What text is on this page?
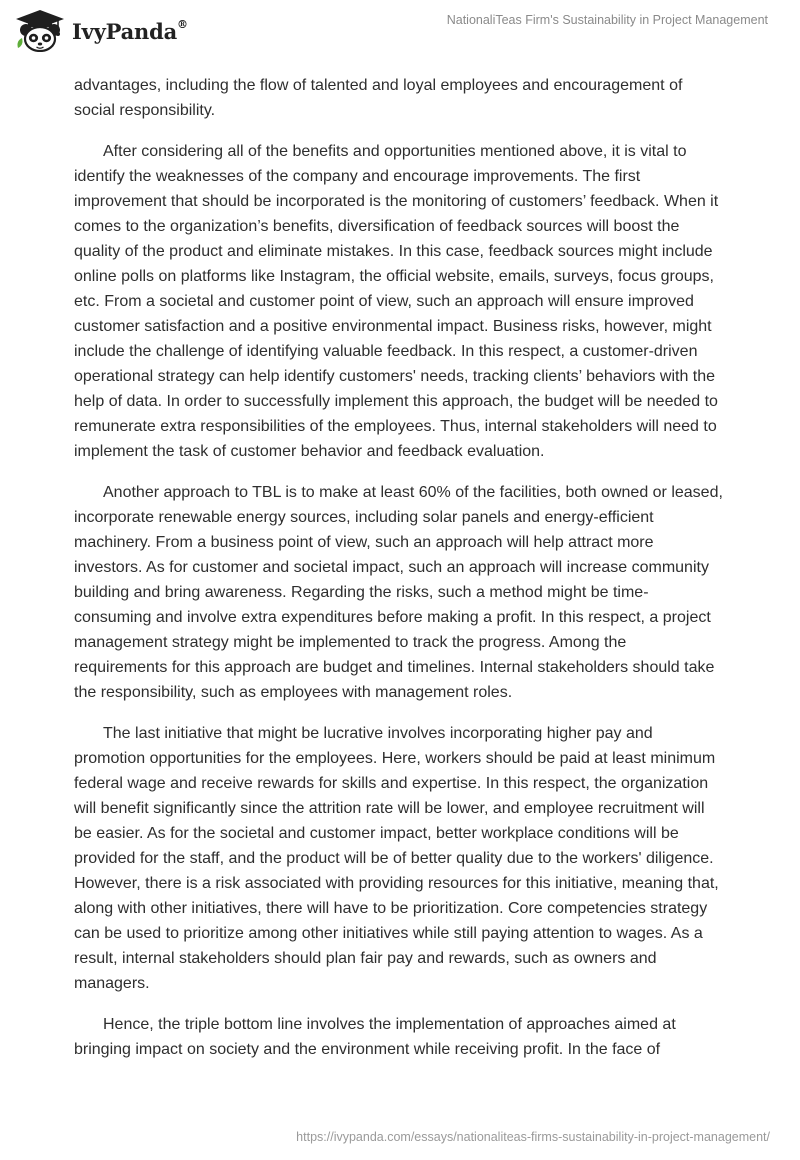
IvyPanda®	NationaliTeas Firm's Sustainability in Project Management

advantages, including the flow of talented and loyal employees and encouragement of social responsibility.

After considering all of the benefits and opportunities mentioned above, it is vital to identify the weaknesses of the company and encourage improvements. The first improvement that should be incorporated is the monitoring of customers’ feedback. When it comes to the organization’s benefits, diversification of feedback sources will boost the quality of the product and eliminate mistakes. In this case, feedback sources might include online polls on platforms like Instagram, the official website, emails, surveys, focus groups, etc. From a societal and customer point of view, such an approach will ensure improved customer satisfaction and a positive environmental impact. Business risks, however, might include the challenge of identifying valuable feedback. In this respect, a customer-driven operational strategy can help identify customers' needs, tracking clients’ behaviors with the help of data. In order to successfully implement this approach, the budget will be needed to remunerate extra responsibilities of the employees. Thus, internal stakeholders will need to implement the task of customer behavior and feedback evaluation.

Another approach to TBL is to make at least 60% of the facilities, both owned or leased, incorporate renewable energy sources, including solar panels and energy-efficient machinery. From a business point of view, such an approach will help attract more investors. As for customer and societal impact, such an approach will increase community building and bring awareness. Regarding the risks, such a method might be time-consuming and involve extra expenditures before making a profit. In this respect, a project management strategy might be implemented to track the progress. Among the requirements for this approach are budget and timelines. Internal stakeholders should take the responsibility, such as employees with management roles.

The last initiative that might be lucrative involves incorporating higher pay and promotion opportunities for the employees. Here, workers should be paid at least minimum federal wage and receive rewards for skills and expertise. In this respect, the organization will benefit significantly since the attrition rate will be lower, and employee recruitment will be easier. As for the societal and customer impact, better workplace conditions will be provided for the staff, and the product will be of better quality due to the workers' diligence. However, there is a risk associated with providing resources for this initiative, meaning that, along with other initiatives, there will have to be prioritization. Core competencies strategy can be used to prioritize among other initiatives while still paying attention to wages. As a result, internal stakeholders should plan fair pay and rewards, such as owners and managers.

Hence, the triple bottom line involves the implementation of approaches aimed at bringing impact on society and the environment while receiving profit. In the face of

https://ivypanda.com/essays/nationaliteas-firms-sustainability-in-project-management/
